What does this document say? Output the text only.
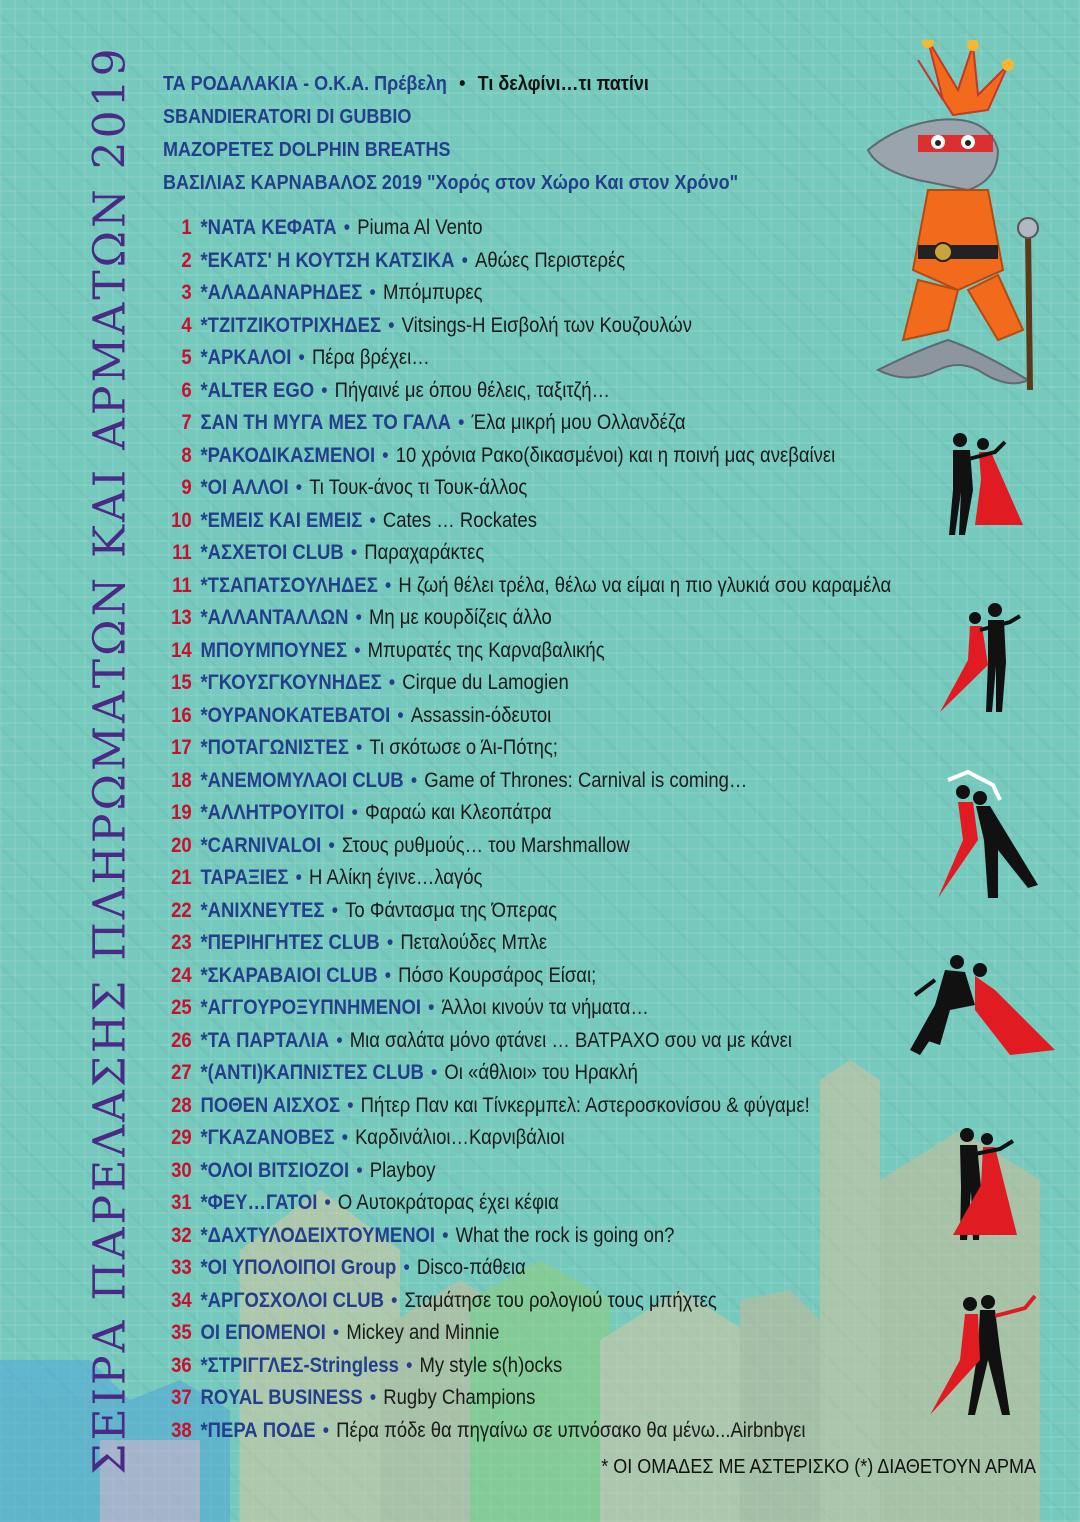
ΣΕΙΡΑ ΠΑΡΕΛΑΣΗΣ ΠΛΗΡΩΜΑΤΩΝ ΚΑΙ ΑΡΜΑΤΩΝ 2019 ΤΑ ΡΟΔΑΛΑΚΙΑ - Ο.Κ.Α. Πρέβελη • Τι δελφίνι…τι πατίνι
SBANDIERATORI DI GUBBIO
ΜΑΖΟΡΕΤΕΣ DOLPHIN BREATHS
ΒΑΣΙΛΙΑΣ ΚΑΡΝΑΒΑΛΟΣ 2019 "Χορός στον Χώρο Και στον Χρόνο"
1 *ΝΑΤΑ ΚΕΦΑΤΑ • Piuma Al Vento
2 *ΕΚΑΤΣ' Η ΚΟΥΤΣΗ ΚΑΤΣΙΚΑ • Αθώες Περιστερές
3 *ΑΛΑΔΑΝΑΡΗΔΕΣ • Μπόμπυρες
4 *ΤΖΙΤΖΙΚΟΤΡΙΧΗΔΕΣ • Vitsings-Η Εισβολή των Κουζουλών
5 *ΑΡΚΑΛΟΙ • Πέρα βρέχει…
6 *ALTER EGO • Πήγαινέ με όπου θέλεις, ταξιτζή…
7 ΣΑΝ ΤΗ ΜΥΓΑ ΜΕΣ ΤΟ ΓΑΛΑ • Έλα μικρή μου Ολλανδέζα
8 *ΡΑΚΟΔΙΚΑΣΜΕΝΟΙ • 10 χρόνια Ρακο(δικασμένοι) και η ποινή μας ανεβαίνει
9 *ΟΙ ΑΛΛΟΙ • Τι Τουκ-άνος τι Τουκ-άλλος
10 *ΕΜΕΙΣ ΚΑΙ ΕΜΕΙΣ • Cates … Rockates
11 *ΑΣΧΕΤΟΙ CLUB • Παραχαράκτες
11 *ΤΣΑΠΑΤΣΟΥΛΗΔΕΣ • Η ζωή θέλει τρέλα, θέλω να είμαι η πιο γλυκιά σου καραμέλα
13 *ΑΛΛΑΝΤΑΛΛΩΝ • Μη με κουρδίζεις άλλο
14 ΜΠΟΥΜΠΟΥΝΕΣ • Μπυρατές της Καρναβαλικής
15 *ΓΚΟΥΣΓΚΟΥΝΗΔΕΣ • Cirque du Lamogien
16 *ΟΥΡΑΝΟΚΑΤΕΒΑΤΟΙ • Assassin-όδευτοι
17 *ΠΟΤΑΓΩΝΙΣΤΕΣ • Τι σκότωσε ο Άι-Πότης;
18 *ΑΝΕΜΟΜΥΛΑΟΙ CLUB • Game of Thrones: Carnival is coming…
19 *ΑΛΛΗΤΡΟΥΙΤΟΙ • Φαραώ και Κλεοπάτρα
20 *CARNIVALOI • Στους ρυθμούς… του Marshmallow
21 ΤΑΡΑΞΙΕΣ • Η Αλίκη έγινε…λαγός
22 *ΑΝΙΧΝΕΥΤΕΣ • Το Φάντασμα της Όπερας
23 *ΠΕΡΙΗΓΗΤΕΣ CLUB • Πεταλούδες Μπλε
24 *ΣΚΑΡΑΒΑΙΟΙ CLUB • Πόσο Κουρσάρος Είσαι;
25 *ΑΓΓΟΥΡΟΞΥΠΝΗΜΕΝΟΙ • Άλλοι κινούν τα νήματα…
26 *ΤΑ ΠΑΡΤΑΛΙΑ • Μια σαλάτα μόνο φτάνει … ΒΑΤΡΑΧΟ σου να με κάνει
27 *(ΑΝΤΙ)ΚΑΠΝΙΣΤΕΣ CLUB • Οι «άθλιοι» του Ηρακλή
28 ΠΟΘΕΝ ΑΙΣΧΟΣ • Πήτερ Παν και Τίνκερμπελ: Αστεροσκονίσου & φύγαμε!
29 *ΓΚΑΖΑΝΟΒΕΣ • Καρδινάλιοι…Καρνιβάλιοι
30 *ΟΛΟΙ ΒΙΤΣΙΟΖΟΙ • Playboy
31 *ΦΕΥ…ΓΑΤΟΙ • Ο Αυτοκράτορας έχει κέφια
32 *ΔΑΧΤΥΛΟΔΕΙΧΤΟΥΜΕΝΟΙ • What the rock is going on?
33 *ΟΙ ΥΠΟΛΟΙΠΟΙ Group • Disco-πάθεια
34 *ΑΡΓΟΣΧΟΛΟΙ CLUB • Σταμάτησε του ρολογιού τους μπήχτες
35 ΟΙ ΕΠΟΜΕΝΟΙ • Mickey and Minnie
36 *ΣΤΡΙΓΓΛΕΣ-Stringless • My style s(h)ocks
37 ROYAL BUSINESS • Rugby Champions
38 *ΠΕΡΑ ΠΟΔΕ • Πέρα πόδε θα πηγαίνω σε υπνόσακο θα μένω...Airbnbγει
* ΟΙ ΟΜΑΔΕΣ ΜΕ ΑΣΤΕΡΙΣΚΟ (*) ΔΙΑΘΕΤΟΥΝ ΑΡΜΑ
